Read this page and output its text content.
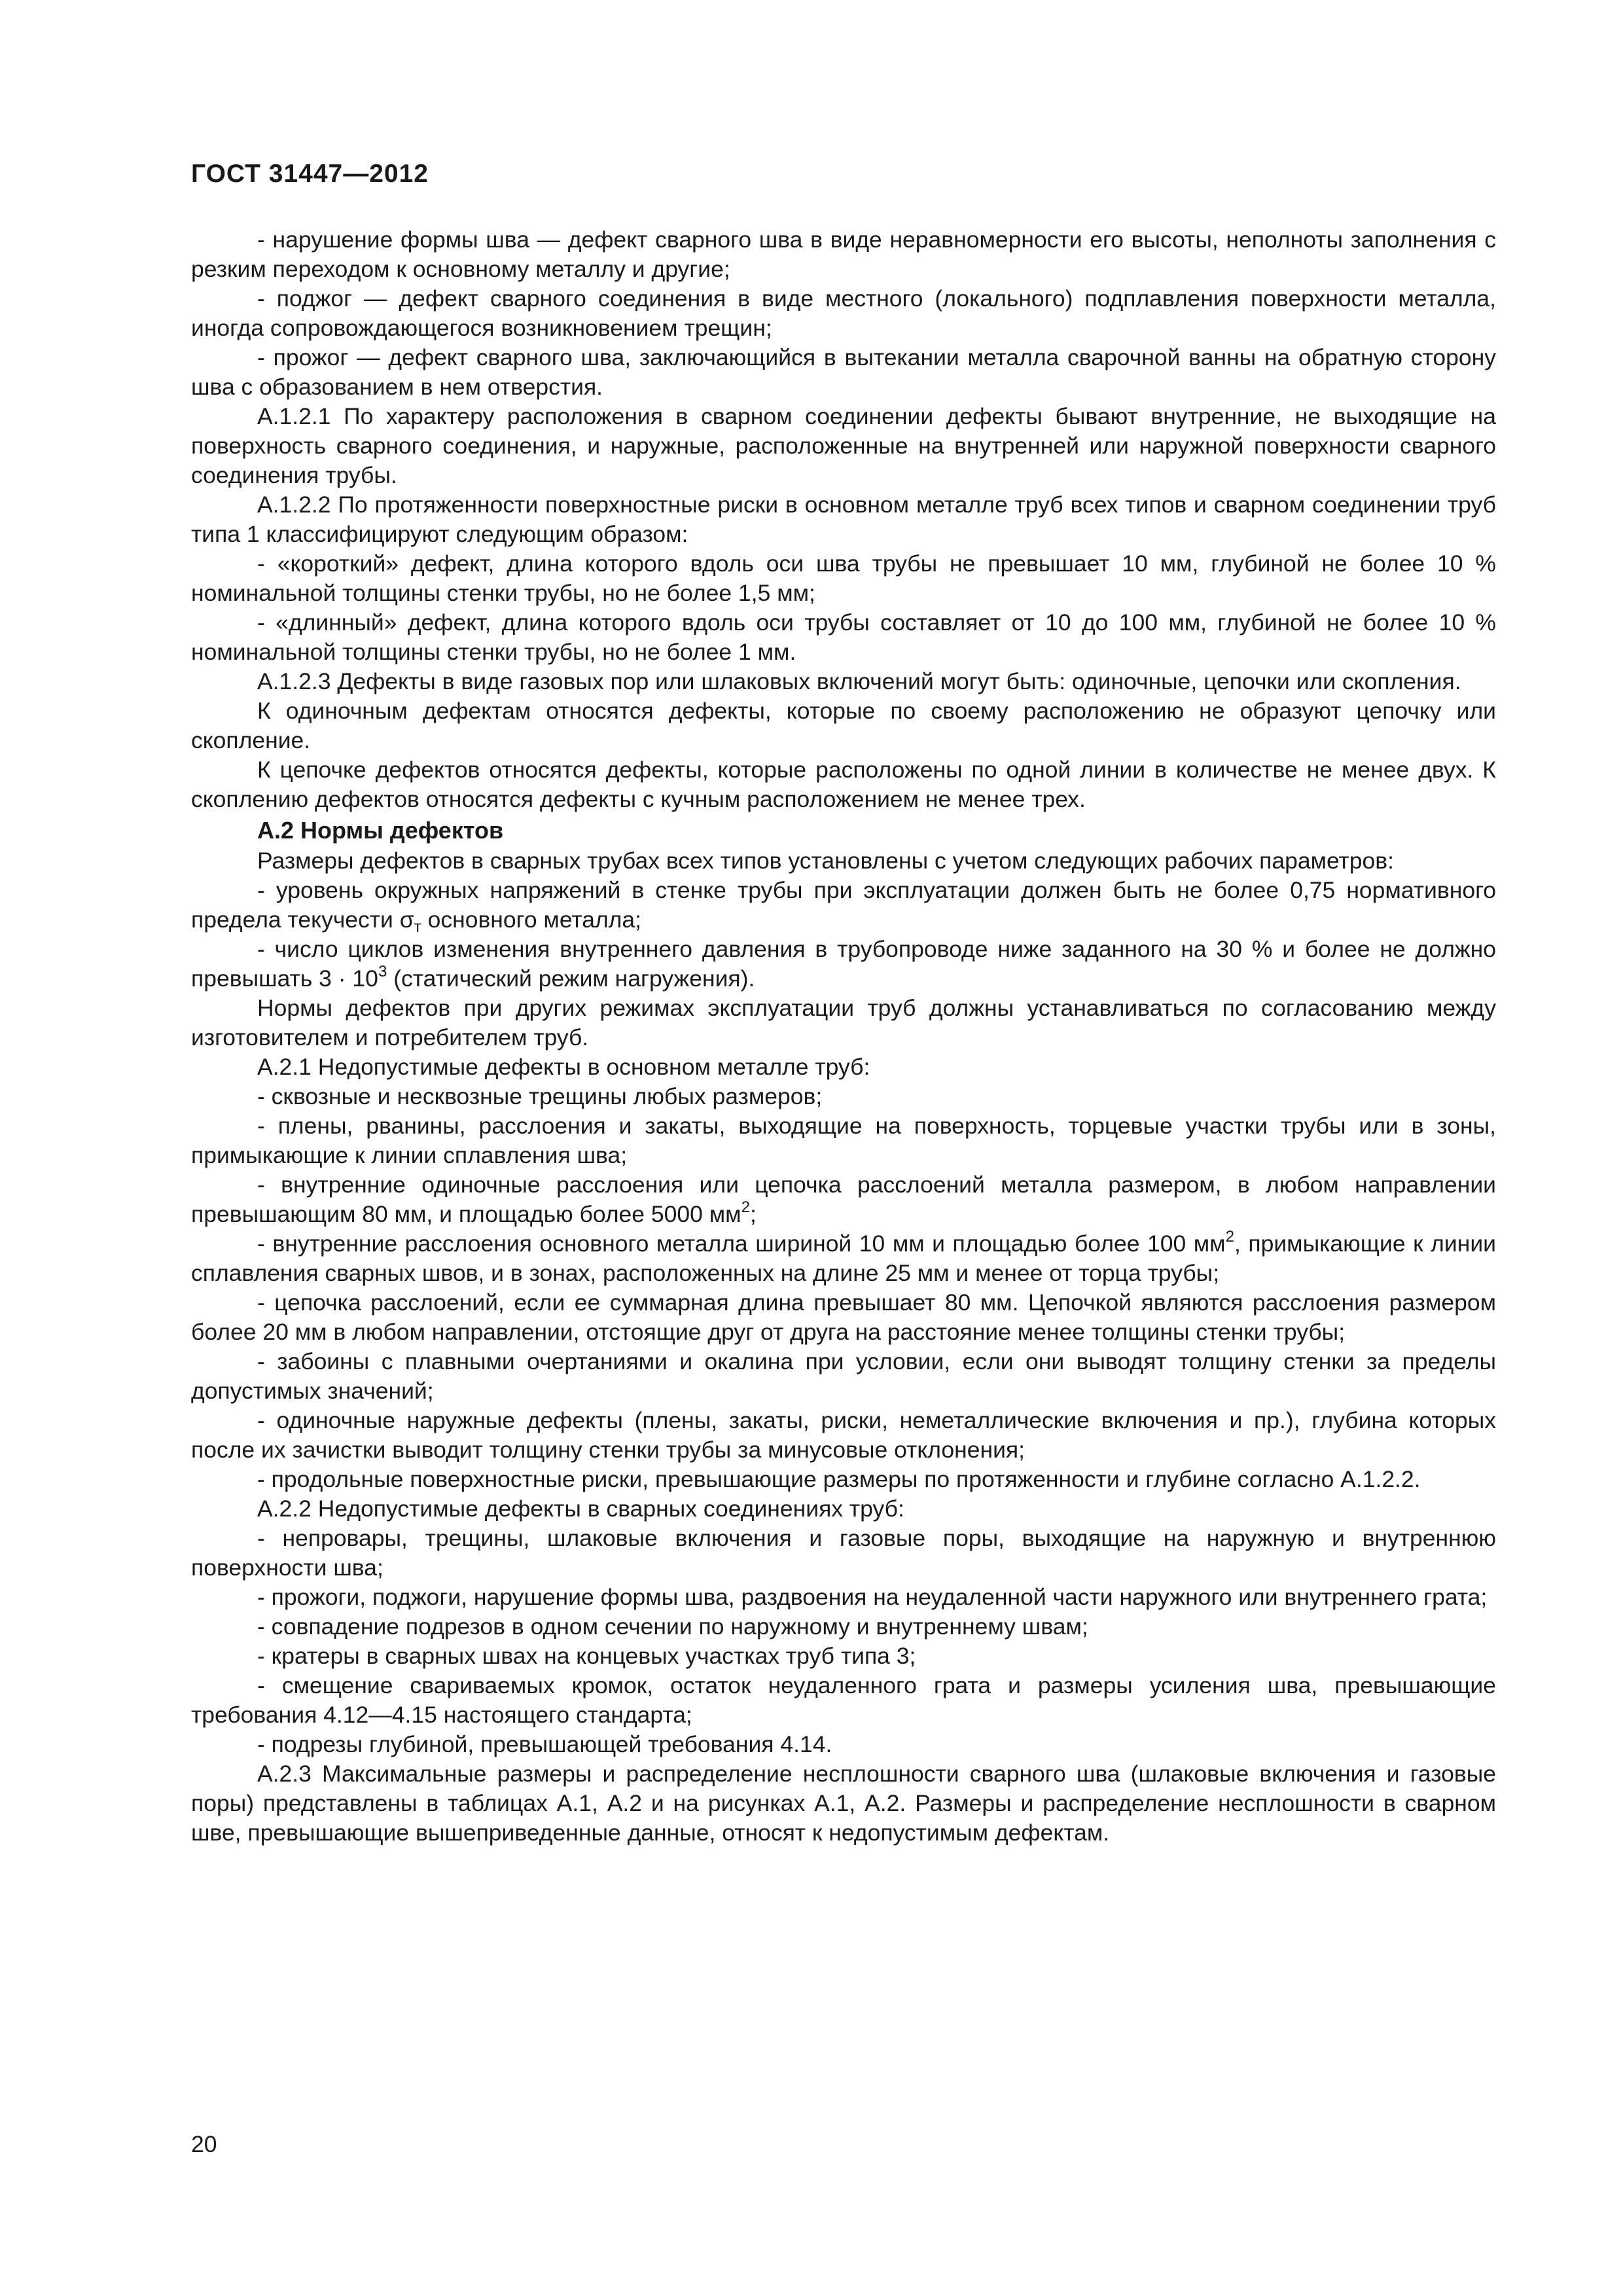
ГОСТ 31447—2012

- нарушение формы шва — дефект сварного шва в виде неравномерности его высоты, неполноты заполнения с резким переходом к основному металлу и другие;

- поджог — дефект сварного соединения в виде местного (локального) подплавления поверхности металла, иногда сопровождающегося возникновением трещин;

- прожог — дефект сварного шва, заключающийся в вытекании металла сварочной ванны на обратную сторону шва с образованием в нем отверстия.

А.1.2.1 По характеру расположения в сварном соединении дефекты бывают внутренние, не выходящие на поверхность сварного соединения, и наружные, расположенные на внутренней или наружной поверхности сварного соединения трубы.

А.1.2.2 По протяженности поверхностные риски в основном металле труб всех типов и сварном соединении труб типа 1 классифицируют следующим образом:

- «короткий» дефект, длина которого вдоль оси шва трубы не превышает 10 мм, глубиной не более 10 % номинальной толщины стенки трубы, но не более 1,5 мм;

- «длинный» дефект, длина которого вдоль оси трубы составляет от 10 до 100 мм, глубиной не более 10 % номинальной толщины стенки трубы, но не более 1 мм.

А.1.2.3 Дефекты в виде газовых пор или шлаковых включений могут быть: одиночные, цепочки или скопления.

К одиночным дефектам относятся дефекты, которые по своему расположению не образуют цепочку или скопление.

К цепочке дефектов относятся дефекты, которые расположены по одной линии в количестве не менее двух. К скоплению дефектов относятся дефекты с кучным расположением не менее трех.

А.2 Нормы дефектов

Размеры дефектов в сварных трубах всех типов установлены с учетом следующих рабочих параметров:

- уровень окружных напряжений в стенке трубы при эксплуатации должен быть не более 0,75 нормативного предела текучести $\sigma_т$ основного металла;

- число циклов изменения внутреннего давления в трубопроводе ниже заданного на 30 % и более не должно превышать $3 \cdot 10^3$ (статический режим нагружения).

Нормы дефектов при других режимах эксплуатации труб должны устанавливаться по согласованию между изготовителем и потребителем труб.

А.2.1 Недопустимые дефекты в основном металле труб:

- сквозные и несквозные трещины любых размеров;

- плены, рванины, расслоения и закаты, выходящие на поверхность, торцевые участки трубы или в зоны, примыкающие к линии сплавления шва;

- внутренние одиночные расслоения или цепочка расслоений металла размером, в любом направлении превышающим 80 мм, и площадью более 5000 $мм^2$;

- внутренние расслоения основного металла шириной 10 мм и площадью более 100 $мм^2$, примыкающие к линии сплавления сварных швов, и в зонах, расположенных на длине 25 мм и менее от торца трубы;

- цепочка расслоений, если ее суммарная длина превышает 80 мм. Цепочкой являются расслоения размером более 20 мм в любом направлении, отстоящие друг от друга на расстояние менее толщины стенки трубы;

- забоины с плавными очертаниями и окалина при условии, если они выводят толщину стенки за пределы допустимых значений;

- одиночные наружные дефекты (плены, закаты, риски, неметаллические включения и пр.), глубина которых после их зачистки выводит толщину стенки трубы за минусовые отклонения;

- продольные поверхностные риски, превышающие размеры по протяженности и глубине согласно А.1.2.2.

А.2.2 Недопустимые дефекты в сварных соединениях труб:

- непровары, трещины, шлаковые включения и газовые поры, выходящие на наружную и внутреннюю поверхности шва;

- прожоги, поджоги, нарушение формы шва, раздвоения на неудаленной части наружного или внутреннего грата;

- совпадение подрезов в одном сечении по наружному и внутреннему швам;

- кратеры в сварных швах на концевых участках труб типа 3;

- смещение свариваемых кромок, остаток неудаленного грата и размеры усиления шва, превышающие требования 4.12—4.15 настоящего стандарта;

- подрезы глубиной, превышающей требования 4.14.

А.2.3 Максимальные размеры и распределение несплошности сварного шва (шлаковые включения и газовые поры) представлены в таблицах А.1, А.2 и на рисунках А.1, А.2. Размеры и распределение несплошности в сварном шве, превышающие вышеприведенные данные, относят к недопустимым дефектам.

20
